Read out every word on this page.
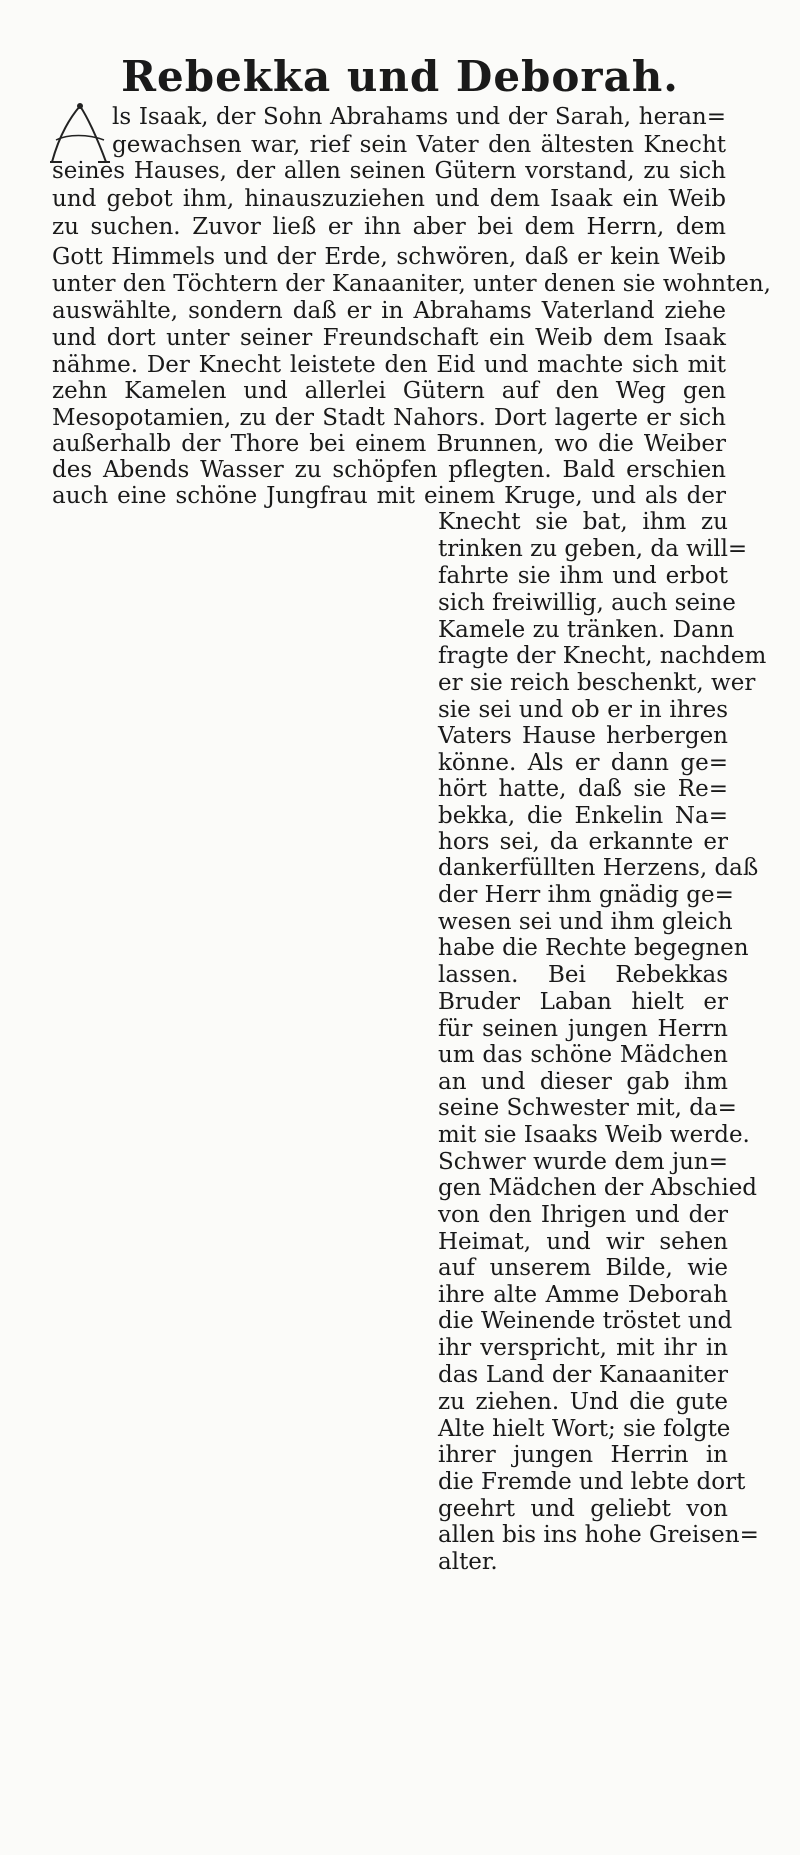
Rebekka und Deborah.
ls Isaak, der Sohn Abrahams und der Sarah, heran=
gewachsen war, rief sein Vater den ältesten Knecht
seines Hauses, der allen seinen Gütern vorstand, zu sich
und gebot ihm, hinauszuziehen und dem Isaak ein Weib
zu suchen. Zuvor ließ er ihn aber bei dem Herrn, dem
Gott Himmels und der Erde, schwören, daß er kein Weib
unter den Töchtern der Kanaaniter, unter denen sie wohnten,
auswählte, sondern daß er in Abrahams Vaterland ziehe
und dort unter seiner Freundschaft ein Weib dem Isaak
nähme. Der Knecht leistete den Eid und machte sich mit
zehn Kamelen und allerlei Gütern auf den Weg gen
Mesopotamien, zu der Stadt Nahors. Dort lagerte er sich
außerhalb der Thore bei einem Brunnen, wo die Weiber
des Abends Wasser zu schöpfen pflegten. Bald erschien
auch eine schöne Jungfrau mit einem Kruge, und als der
Knecht sie bat, ihm zu
trinken zu geben, da will=
fahrte sie ihm und erbot
sich freiwillig, auch seine
Kamele zu tränken. Dann
fragte der Knecht, nachdem
er sie reich beschenkt, wer
sie sei und ob er in ihres
Vaters Hause herbergen
könne. Als er dann ge=
hört hatte, daß sie Re=
bekka, die Enkelin Na=
hors sei, da erkannte er
dankerfüllten Herzens, daß
der Herr ihm gnädig ge=
wesen sei und ihm gleich
habe die Rechte begegnen
lassen. Bei Rebekkas
Bruder Laban hielt er
für seinen jungen Herrn
um das schöne Mädchen
an und dieser gab ihm
seine Schwester mit, da=
mit sie Isaaks Weib werde.
Schwer wurde dem jun=
gen Mädchen der Abschied
von den Ihrigen und der
Heimat, und wir sehen
auf unserem Bilde, wie
ihre alte Amme Deborah
die Weinende tröstet und
ihr verspricht, mit ihr in
das Land der Kanaaniter
zu ziehen. Und die gute
Alte hielt Wort; sie folgte
ihrer jungen Herrin in
die Fremde und lebte dort
geehrt und geliebt von
allen bis ins hohe Greisen=
alter.
